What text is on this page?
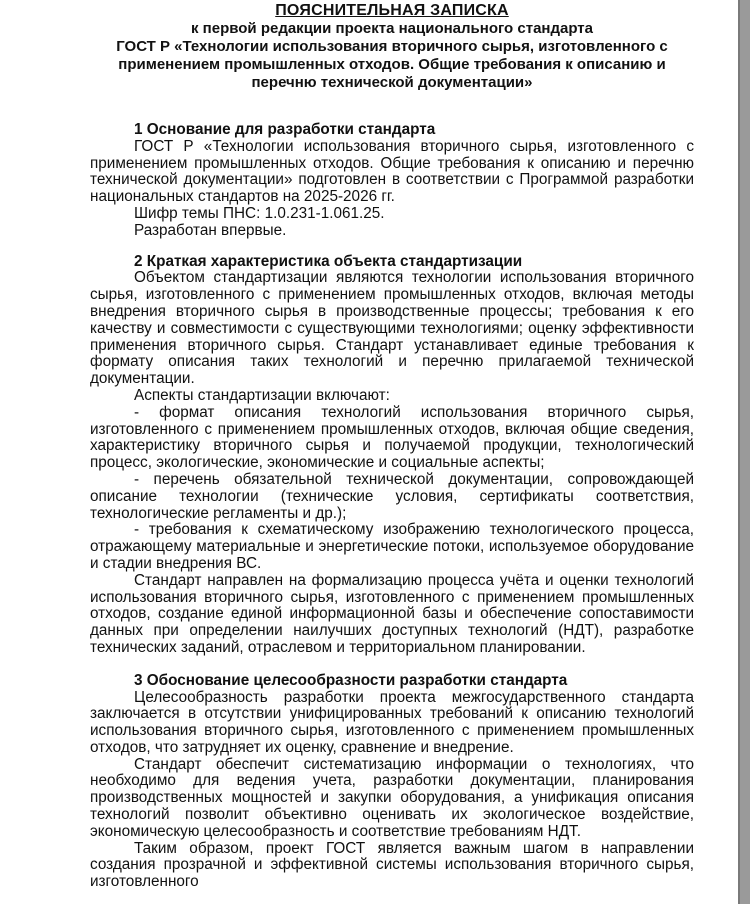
ПОЯСНИТЕЛЬНАЯ ЗАПИСКА
к первой редакции проекта национального стандарта
ГОСТ Р «Технологии использования вторичного сырья, изготовленного с применением промышленных отходов. Общие требования к описанию и перечню технической документации»

1 Основание для разработки стандарта

ГОСТ Р «Технологии использования вторичного сырья, изготовленного с применением промышленных отходов. Общие требования к описанию и перечню технической документации» подготовлен в соответствии с Программой разработки национальных стандартов на 2025-2026 гг.

Шифр темы ПНС: 1.0.231-1.061.25.

Разработан впервые.

2 Краткая характеристика объекта стандартизации

Объектом стандартизации являются технологии использования вторичного сырья, изготовленного с применением промышленных отходов, включая методы внедрения вторичного сырья в производственные процессы; требования к его качеству и совместимости с существующими технологиями; оценку эффективности применения вторичного сырья. Стандарт устанавливает единые требования к формату описания таких технологий и перечню прилагаемой технической документации.

Аспекты стандартизации включают:

- формат описания технологий использования вторичного сырья, изготовленного с применением промышленных отходов, включая общие сведения, характеристику вторичного сырья и получаемой продукции, технологический процесс, экологические, экономические и социальные аспекты;

- перечень обязательной технической документации, сопровождающей описание технологии (технические условия, сертификаты соответствия, технологические регламенты и др.);

- требования к схематическому изображению технологического процесса, отражающему материальные и энергетические потоки, используемое оборудование и стадии внедрения ВС.

Стандарт направлен на формализацию процесса учёта и оценки технологий использования вторичного сырья, изготовленного с применением промышленных отходов, создание единой информационной базы и обеспечение сопоставимости данных при определении наилучших доступных технологий (НДТ), разработке технических заданий, отраслевом и территориальном планировании.

3 Обоснование целесообразности разработки стандарта

Целесообразность разработки проекта межгосударственного стандарта заключается в отсутствии унифицированных требований к описанию технологий использования вторичного сырья, изготовленного с применением промышленных отходов, что затрудняет их оценку, сравнение и внедрение.

Стандарт обеспечит систематизацию информации о технологиях, что необходимо для ведения учета, разработки документации, планирования производственных мощностей и закупки оборудования, а унификация описания технологий позволит объективно оценивать их экологическое воздействие, экономическую целесообразность и соответствие требованиям НДТ.

Таким образом, проект ГОСТ является важным шагом в направлении создания прозрачной и эффективной системы использования вторичного сырья, изготовленного
